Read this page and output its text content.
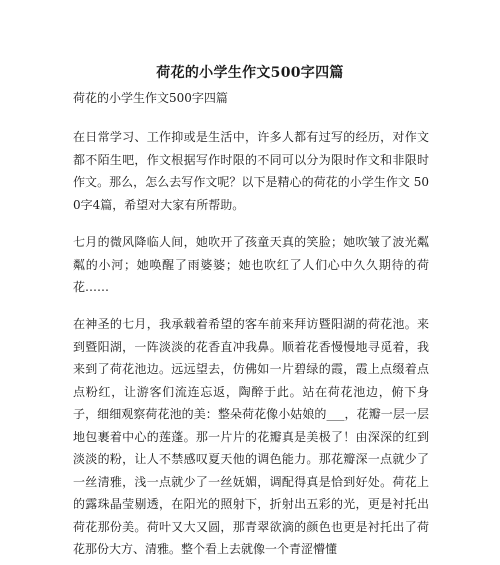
荷花的小学生作文500字四篇
荷花的小学生作文500字四篇

在日常学习、工作抑或是生活中，许多人都有过写的经历，对作文都不陌生吧，作文根据写作时限的不同可以分为限时作文和非限时作文。那么，怎么去写作文呢？以下是精心的荷花的小学生作文 500字4篇，希望对大家有所帮助。

七月的微风降临人间，她吹开了孩童天真的笑脸；她吹皱了波光粼粼的小河；她唤醒了雨婆婆；她也吹红了人们心中久久期待的荷花……

在神圣的七月，我承载着希望的客车前来拜访暨阳湖的荷花池。来到暨阳湖，一阵淡淡的花香直冲我鼻。顺着花香慢慢地寻觅着，我来到了荷花池边。远远望去，仿佛如一片碧绿的霞，霞上点缀着点点粉红，让游客们流连忘返，陶醉于此。站在荷花池边，俯下身子，细细观察荷花池的美：整朵荷花像小姑娘的___，花瓣一层一层地包裹着中心的莲蓬。那一片片的花瓣真是美极了！由深深的红到淡淡的粉，让人不禁感叹夏天他的调色能力。那花瓣深一点就少了一丝清雅，浅一点就少了一丝妩媚，调配得真是恰到好处。荷花上的露珠晶莹剔透，在阳光的照射下，折射出五彩的光，更是衬托出荷花那份美。荷叶又大又圆，那青翠欲滴的颜色也更是衬托出了荷花那份大方、清雅。整个看上去就像一个青涩懵懂
